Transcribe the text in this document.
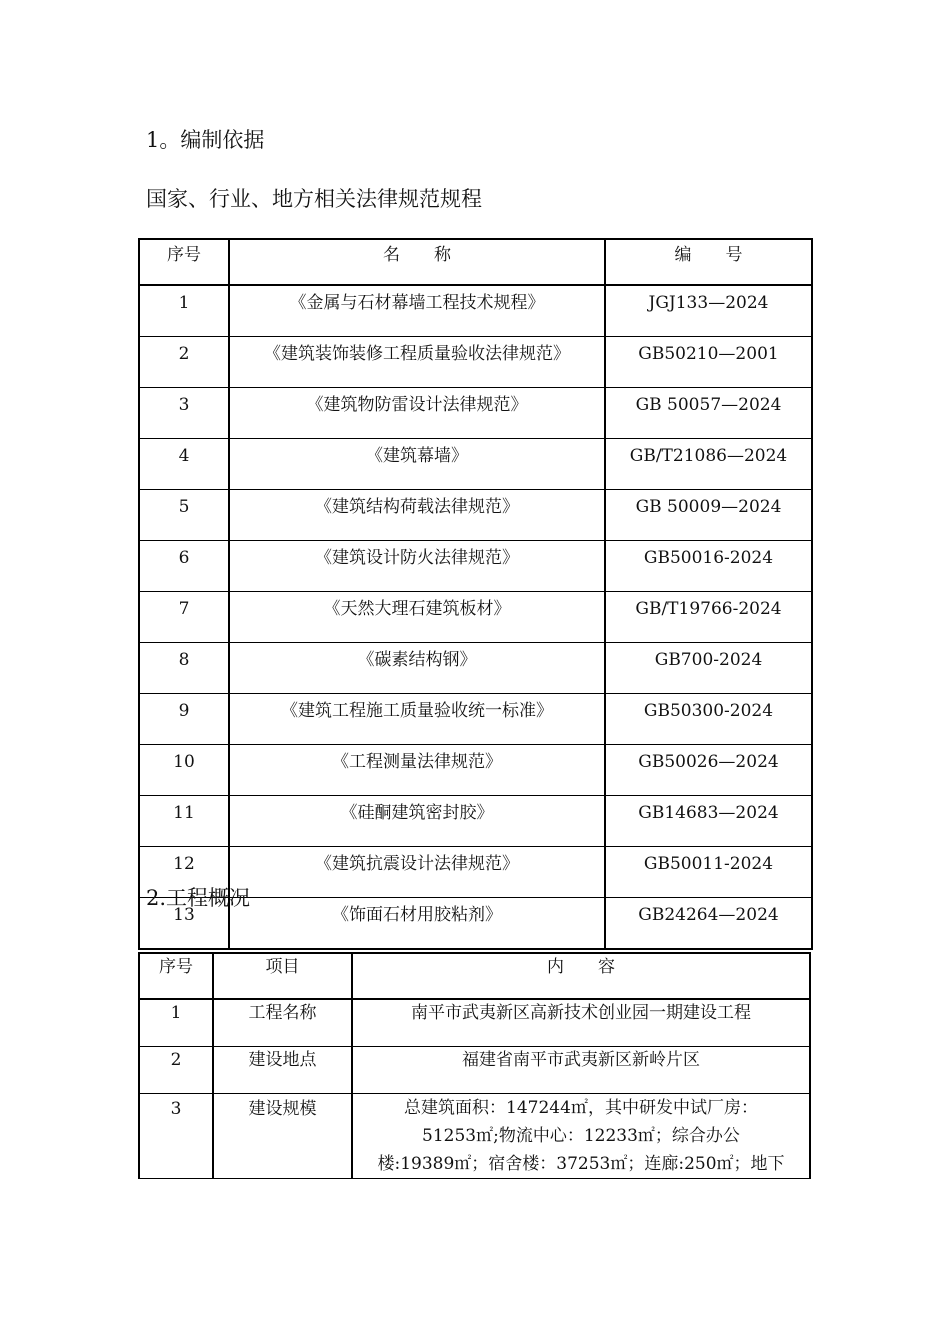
1。编制依据
国家、行业、地方相关法律规范规程
序号	名　　称	编　　号
1	《金属与石材幕墙工程技术规程》	JGJ133—2024
2	《建筑装饰装修工程质量验收法律规范》	GB50210—2001
3	《建筑物防雷设计法律规范》	GB 50057—2024
4	《建筑幕墙》	GB/T21086—2024
5	《建筑结构荷载法律规范》	GB 50009—2024
6	《建筑设计防火法律规范》	GB50016-2024
7	《天然大理石建筑板材》	GB/T19766-2024
8	《碳素结构钢》	GB700-2024
9	《建筑工程施工质量验收统一标准》	GB50300-2024
10	《工程测量法律规范》	GB50026—2024
11	《硅酮建筑密封胶》	GB14683—2024
12	《建筑抗震设计法律规范》	GB50011-2024
13	《饰面石材用胶粘剂》	GB24264—2024
2.工程概况
序号	项目	内　　容
1	工程名称	南平市武夷新区高新技术创业园一期建设工程
2	建设地点	福建省南平市武夷新区新岭片区
3	建设规模	总建筑面积：147244㎡，其中研发中试厂房：
51253㎡;物流中心：12233㎡；综合办公
楼:19389㎡；宿舍楼：37253㎡；连廊:250㎡；地下
